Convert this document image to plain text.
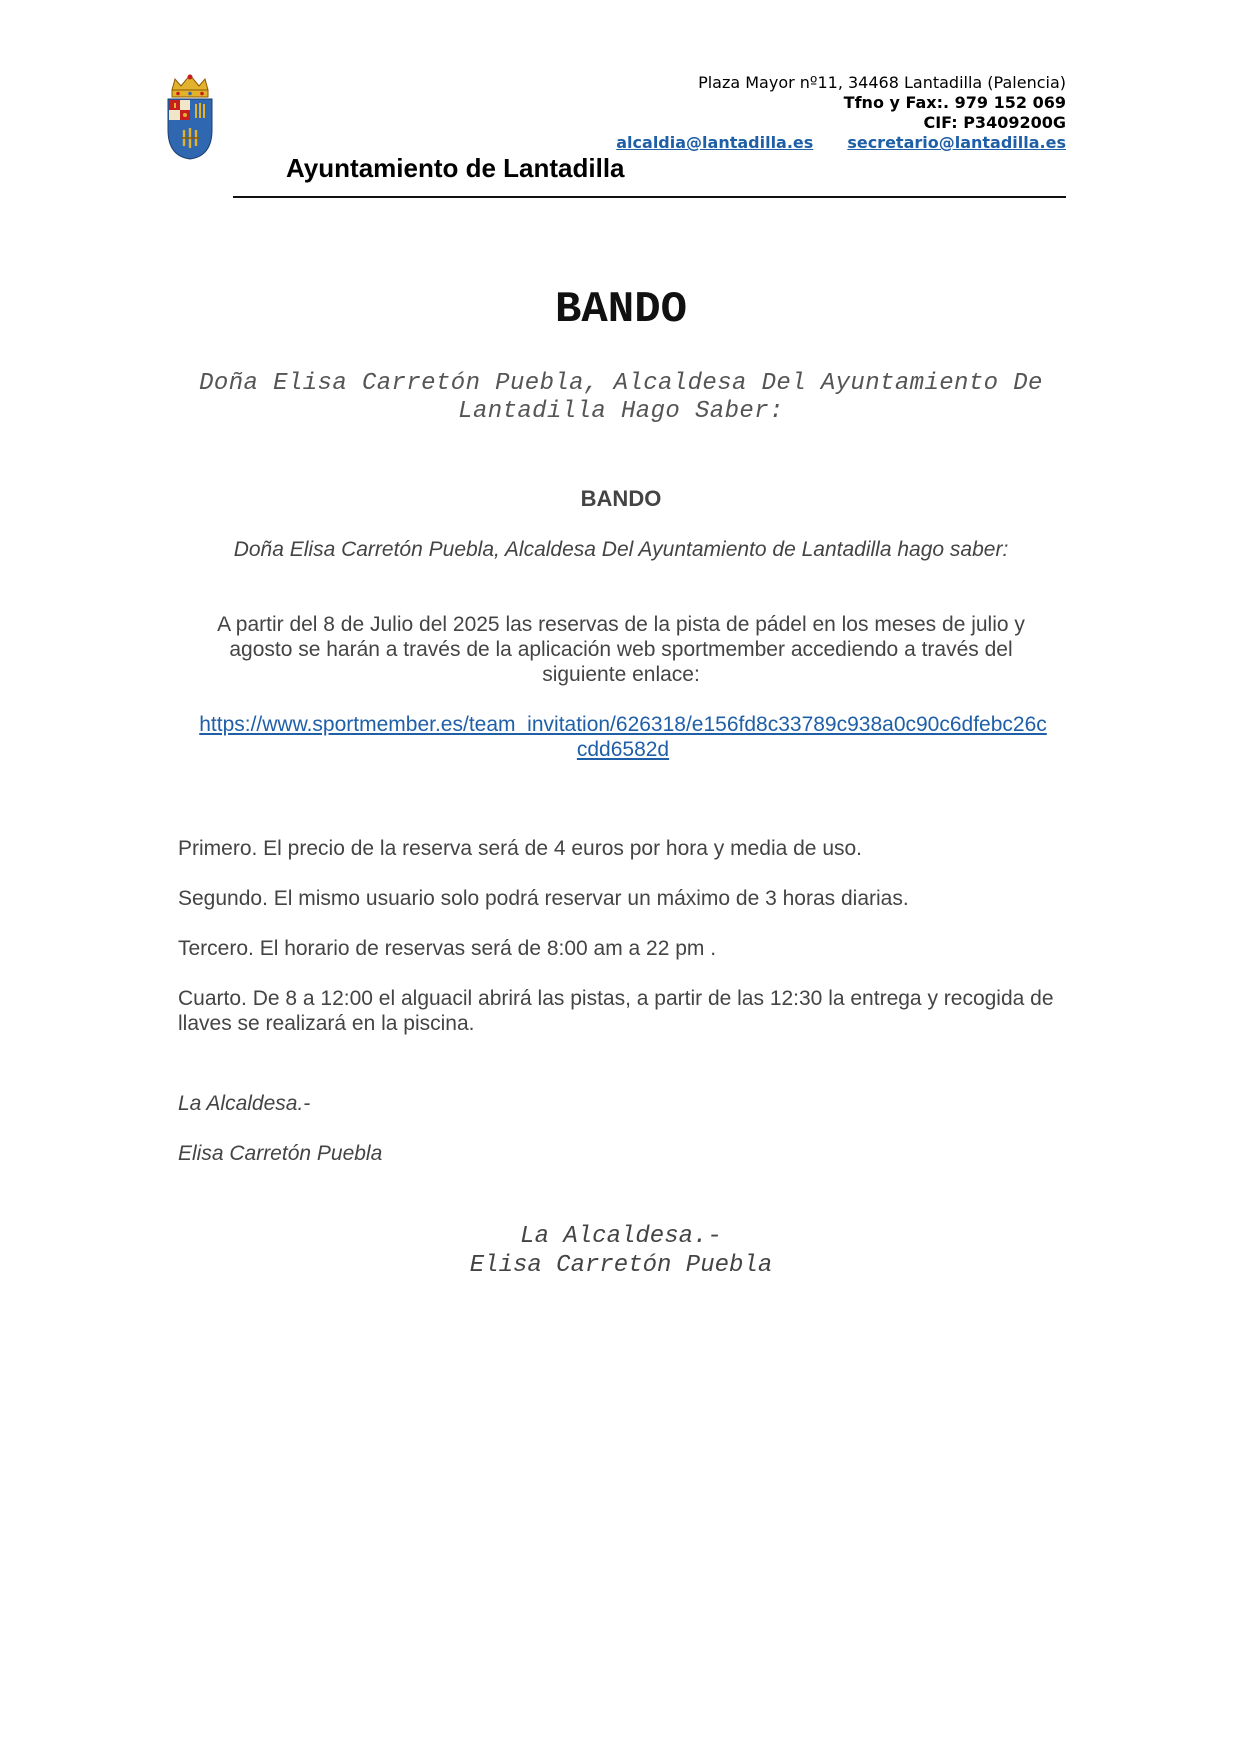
Plaza Mayor nº11, 34468 Lantadilla (Palencia)
Tfno y Fax:. 979 152 069
CIF: P3409200G
alcaldia@lantadilla.es secretario@lantadilla.es
Ayuntamiento de Lantadilla
BANDO
Doña Elisa Carretón Puebla, Alcaldesa Del Ayuntamiento De Lantadilla Hago Saber:
BANDO
Doña Elisa Carretón Puebla, Alcaldesa Del Ayuntamiento de Lantadilla hago saber:
A partir del 8 de Julio del 2025 las reservas de la pista de pádel en los meses de julio y agosto se harán a través de la aplicación web sportmember accediendo a través del siguiente enlace:
https://www.sportmember.es/team_invitation/626318/e156fd8c33789c938a0c90c6dfebc26c
cdd6582d
Primero. El precio de la reserva será de 4 euros por hora y media de uso.
Segundo. El mismo usuario solo podrá reservar un máximo de 3 horas diarias.
Tercero. El horario de reservas será de 8:00 am a 22 pm .
Cuarto. De 8 a 12:00 el alguacil abrirá las pistas, a partir de las 12:30 la entrega y recogida de llaves se realizará en la piscina.
La Alcaldesa.-
Elisa Carretón Puebla
La Alcaldesa.-
Elisa Carretón Puebla
